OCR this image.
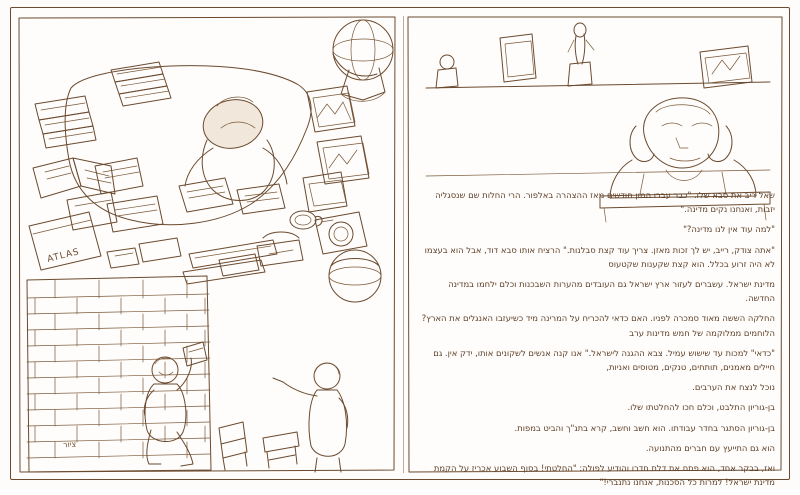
ATLAS
ציור

שאל ריב את סבא שלו. "כבר עברו המון חודשים מאז ההצהרה באלפור. הרי החלות שם שנסגליה יזבות, ואנחנו נקים מדינה."

"למה עוד אין לנו מדינה?"

"אתה צודק, רייב, יש לך זכות מאזן. צריך עוד קצת סבלנות." הרציח אותו סבא דוד, אבל הוא בעצמו לא היה זרוע בכלל. הוא קצת שקענות שקטעוס

מדינת ישראל. עשברים לעזור ארץ ישראל גם העובדים מהערות השבכנות וכלם ילחמו במדינה החדשה.

החלקה הששה מאוד סמכרה לפניו. האם כדאי להכריח על המרינה מיד כשיעזבו האנגלים את הארץ? הלוחמים ממלוקמה של חמש מדינות ערב

"כדאי" למכות עד שישוש עמיל. צבא ההגנה לישראל." אנו קנה אנשים לשקונים אותו, ידק אין. גם חיילים מאמנים, תותחים, טנקים, מטוסים ואניות,

נוכל לנצח את הערבים.

בן-גוריון התלבט, וכלם חכו להחלטתו שלו.

בן-גוריון הסתגר בחדר עבודתו. הוא חשב וחשב, קרא בתנ"ך והביט במפות.

הוא גם התייעץ עם חברים מהתנועה.

ואז, בבקר אחד, הוא פתח את דלת חדרו והודיע לפולה: "החלטתי! בסוף השבוע אכריז על הקמת מדינת ישראל! למרות כל הסכנות, אנחנו נתנברי!"
